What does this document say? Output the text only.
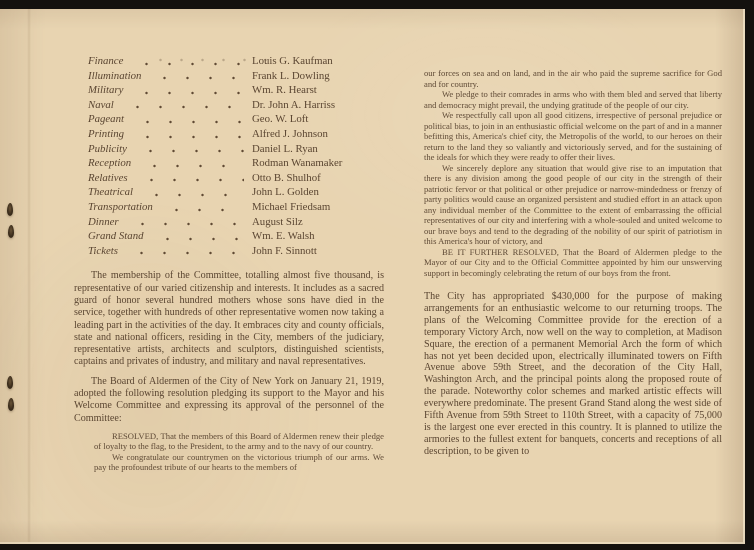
Finance	Louis G. Kaufman
Illumination	Frank L. Dowling
Military	Wm. R. Hearst
Naval	Dr. John A. Harriss
Pageant	Geo. W. Loft
Printing	Alfred J. Johnson
Publicity	Daniel L. Ryan
Reception	Rodman Wanamaker
Relatives	Otto B. Shulhof
Theatrical	John L. Golden
Transportation	Michael Friedsam
Dinner	August Silz
Grand Stand	Wm. E. Walsh
Tickets	John F. Sinnott

The membership of the Committee, totalling almost five thousand, is representative of our varied citizenship and interests. It includes as a sacred guard of honor several hundred mothers whose sons have died in the service, together with hundreds of other representative women now taking a leading part in the activities of the day. It embraces city and county officials, state and national officers, residing in the City, members of the judiciary, representative artists, architects and sculptors, distinguished scientists, captains and privates of industry, and military and naval representatives.

The Board of Aldermen of the City of New York on January 21, 1919, adopted the following resolution pledging its support to the Mayor and his Welcome Committee and expressing its approval of the personnel of the Committee:

RESOLVED, That the members of this Board of Aldermen renew their pledge of loyalty to the flag, to the President, to the army and to the navy of our country.

We congratulate our countrymen on the victorious triumph of our arms. We pay the profoundest tribute of our hearts to the members of

our forces on sea and on land, and in the air who paid the supreme sacrifice for God and for country.

We pledge to their comrades in arms who with them bled and served that liberty and democracy might prevail, the undying gratitude of the people of our city.

We respectfully call upon all good citizens, irrespective of personal prejudice or political bias, to join in an enthusiastic official welcome on the part of and in a manner befitting this, America's chief city, the Metropolis of the world, to our heroes on their return to the land they so valiantly and victoriously served, and for the sustaining of the ideals for which they were ready to offer their lives.

We sincerely deplore any situation that would give rise to an imputation that there is any division among the good people of our city in the strength of their patriotic fervor or that political or other prejudice or narrow-mindedness or frenzy of party politics would cause an organized persistent and studied effort in an attack upon any individual member of the Committee to the extent of embarrassing the official representatives of our city and interfering with a whole-souled and united welcome to our brave boys and tend to the degrading of the nobility of our spirit of patriotism in this America's hour of victory, and

BE IT FURTHER RESOLVED, That the Board of Aldermen pledge to the Mayor of our City and to the Official Committee appointed by him our unswerving support in becomingly celebrating the return of our boys from the front.

The City has appropriated $430,000 for the purpose of making arrangements for an enthusiastic welcome to our returning troops. The plans of the Welcoming Committee provide for the erection of a temporary Victory Arch, now well on the way to completion, at Madison Square, the erection of a permanent Memorial Arch the form of which has not yet been decided upon, electrically illuminated towers on Fifth Avenue above 59th Street, and the decoration of the City Hall, Washington Arch, and the principal points along the proposed route of the parade. Noteworthy color schemes and marked artistic effects will everywhere predominate. The present Grand Stand along the west side of Fifth Avenue from 59th Street to 110th Street, with a capacity of 75,000 is the largest one ever erected in this country. It is planned to utilize the armories to the fullest extent for banquets, concerts and receptions of all description, to be given to
